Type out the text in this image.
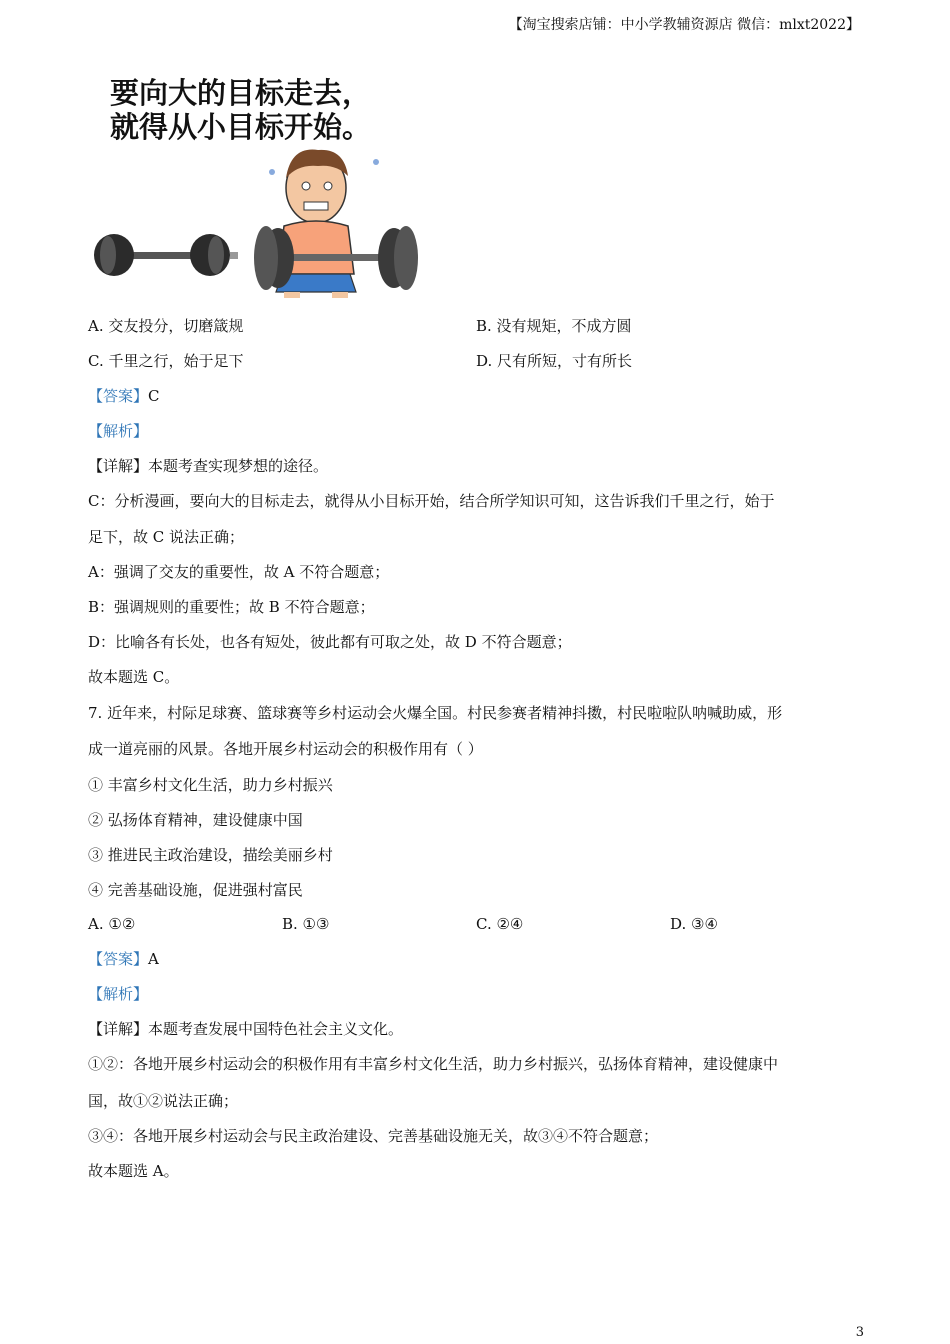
【淘宝搜索店铺：中小学教辅资源店 微信：mlxt2022】
要向大的目标走去，
就得从小目标开始。
A. 交友投分，切磨箴规	B. 没有规矩，不成方圆
C. 千里之行，始于足下	D. 尺有所短，寸有所长
【答案】C
【解析】
【详解】本题考查实现梦想的途径。
C：分析漫画，要向大的目标走去，就得从小目标开始，结合所学知识可知，这告诉我们千里之行，始于
足下，故 C 说法正确；
A：强调了交友的重要性，故 A 不符合题意；
B：强调规则的重要性；故 B 不符合题意；
D：比喻各有长处，也各有短处，彼此都有可取之处，故 D 不符合题意；
故本题选 C。
7. 近年来，村际足球赛、篮球赛等乡村运动会火爆全国。村民参赛者精神抖擞，村民啦啦队呐喊助威，形
成一道亮丽的风景。各地开展乡村运动会的积极作用有（ ）
① 丰富乡村文化生活，助力乡村振兴
② 弘扬体育精神，建设健康中国
③ 推进民主政治建设，描绘美丽乡村
④ 完善基础设施，促进强村富民
A. ①②	B. ①③	C. ②④	D. ③④
【答案】A
【解析】
【详解】本题考查发展中国特色社会主义文化。
①②：各地开展乡村运动会的积极作用有丰富乡村文化生活，助力乡村振兴，弘扬体育精神，建设健康中
国，故①②说法正确；
③④：各地开展乡村运动会与民主政治建设、完善基础设施无关，故③④不符合题意；
故本题选 A。
3
